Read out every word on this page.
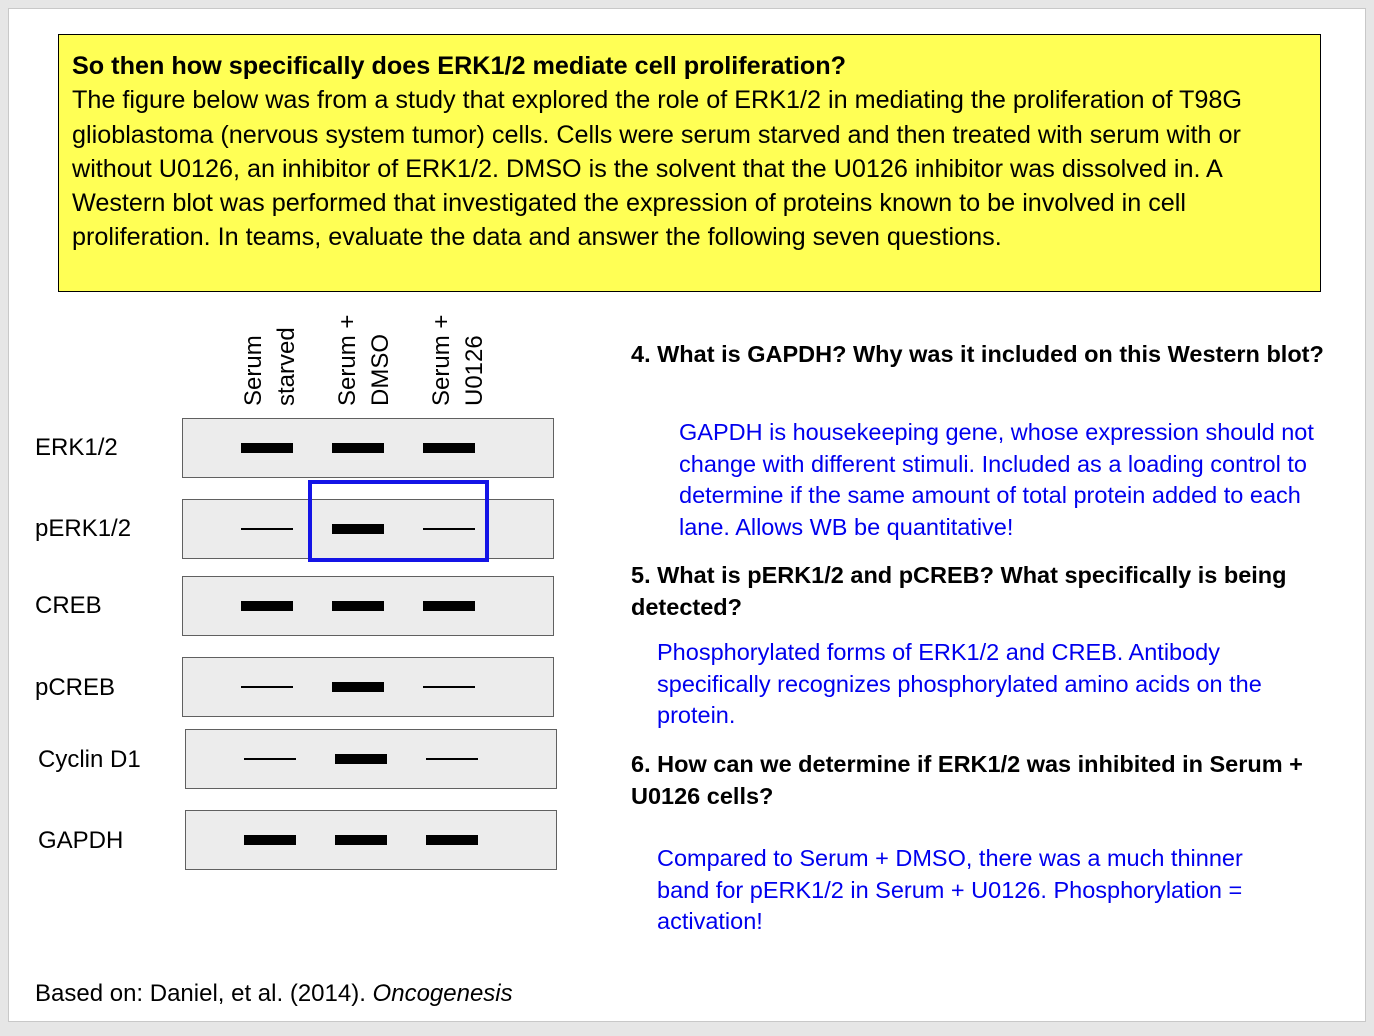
So then how specifically does ERK1/2 mediate cell proliferation?
The figure below was from a study that explored the role of ERK1/2 in mediating the proliferation of T98G glioblastoma (nervous system tumor) cells. Cells were serum starved and then treated with serum with or without U0126, an inhibitor of ERK1/2. DMSO is the solvent that the U0126 inhibitor was dissolved in. A Western blot was performed that investigated the expression of proteins known to be involved in cell proliferation. In teams, evaluate the data and answer the following seven questions.
Serum starved Serum + DMSO Serum + U0126
ERK1/2
pERK1/2
CREB
pCREB
Cyclin D1
GAPDH
4. What is GAPDH? Why was it included on this Western blot?
GAPDH is housekeeping gene, whose expression should not change with different stimuli. Included as a loading control to determine if the same amount of total protein added to each lane. Allows WB be quantitative!
5. What is pERK1/2 and pCREB? What specifically is being detected?
Phosphorylated forms of ERK1/2 and CREB. Antibody specifically recognizes phosphorylated amino acids on the protein.
6. How can we determine if ERK1/2 was inhibited in Serum + U0126 cells?
Compared to Serum + DMSO, there was a much thinner band for pERK1/2 in Serum + U0126. Phosphorylation = activation!
Based on: Daniel, et al. (2014). Oncogenesis
